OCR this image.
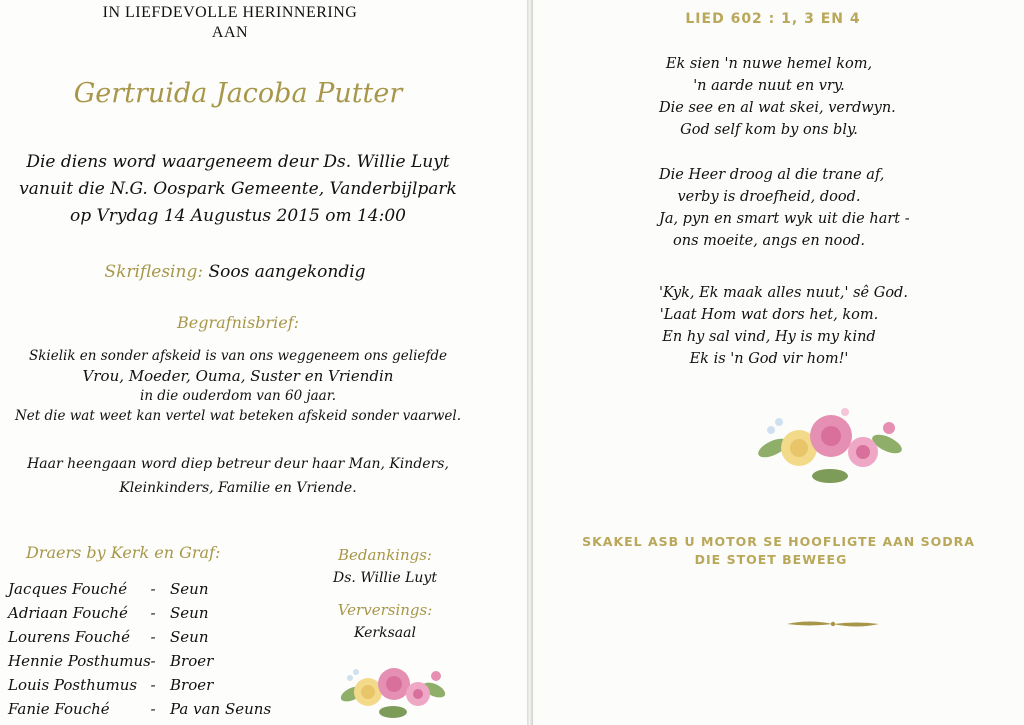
IN LIEFDEVOLLE HERINNERING
AAN
Gertruida Jacoba Putter
Die diens word waargeneem deur Ds. Willie Luyt
vanuit die N.G. Oospark Gemeente, Vanderbijlpark
op Vrydag 14 Augustus 2015 om 14:00
Skriflesing: Soos aangekondig
Begrafnisbrief:
Skielik en sonder afskeid is van ons weggeneem ons geliefde
Vrou, Moeder, Ouma, Suster en Vriendin
in die ouderdom van 60 jaar.
Net die wat weet kan vertel wat beteken afskeid sonder vaarwel.
Haar heengaan word diep betreur deur haar Man, Kinders,
Kleinkinders, Familie en Vriende.
Draers by Kerk en Graf:
Jacques Fouché	- Seun
Adriaan Fouché	- Seun
Lourens Fouché	- Seun
Hennie Posthumus - Broer
Louis Posthumus - Broer
Fanie Fouché	- Pa van Seuns
Bedankings:
Ds. Willie Luyt
Verversings:
Kerksaal
LIED 602 : 1, 3 EN 4
Ek sien 'n nuwe hemel kom,
'n aarde nuut en vry.
Die see en al wat skei, verdwyn.
God self kom by ons bly.
Die Heer droog al die trane af,
verby is droefheid, dood.
Ja, pyn en smart wyk uit die hart -
ons moeite, angs en nood.
'Kyk, Ek maak alles nuut,' sê God.
'Laat Hom wat dors het, kom.
En hy sal vind, Hy is my kind
Ek is 'n God vir hom!'
SKAKEL ASB U MOTOR SE HOOFLIGTE AAN SODRA
DIE STOET BEWEEG
